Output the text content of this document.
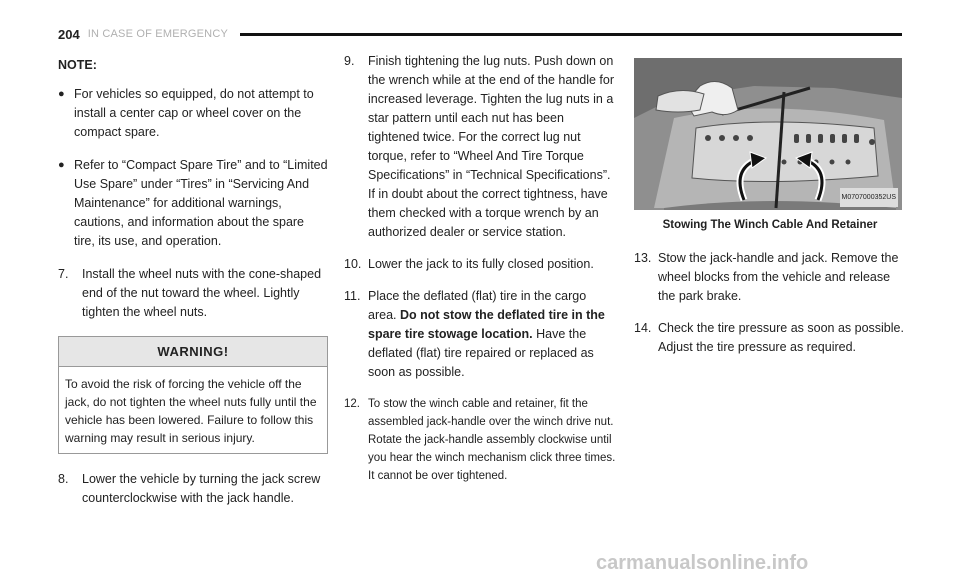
204 IN CASE OF EMERGENCY
NOTE:
● For vehicles so equipped, do not attempt to install a center cap or wheel cover on the compact spare.
● Refer to “Compact Spare Tire” and to “Limited Use Spare” under “Tires” in “Servicing And Maintenance” for additional warnings, cautions, and information about the spare tire, its use, and operation.
7.	Install the wheel nuts with the cone-shaped end of the nut toward the wheel. Lightly tighten the wheel nuts.
WARNING!
To avoid the risk of forcing the vehicle off the jack, do not tighten the wheel nuts fully until the vehicle has been lowered. Failure to follow this warning may result in serious injury.
8.	Lower the vehicle by turning the jack screw counterclockwise with the jack handle.
9.	Finish tightening the lug nuts. Push down on the wrench while at the end of the handle for increased leverage. Tighten the lug nuts in a star pattern until each nut has been tightened twice. For the correct lug nut torque, refer to “Wheel And Tire Torque Specifications” in “Technical Specifications”. If in doubt about the correct tightness, have them checked with a torque wrench by an authorized dealer or service station.
10. Lower the jack to its fully closed position.
11. Place the deflated (flat) tire in the cargo area. Do not stow the deflated tire in the spare tire stowage location. Have the deflated (flat) tire repaired or replaced as soon as possible.
12. To stow the winch cable and retainer, fit the assembled jack-handle over the winch drive nut. Rotate the jack-handle assembly clockwise until you hear the winch mechanism click three times. It cannot be over tightened.
M0707000352US
Stowing The Winch Cable And Retainer
13. Stow the jack-handle and jack. Remove the wheel blocks from the vehicle and release the park brake.
14. Check the tire pressure as soon as possible. Adjust the tire pressure as required.
carmanualsonline.info
